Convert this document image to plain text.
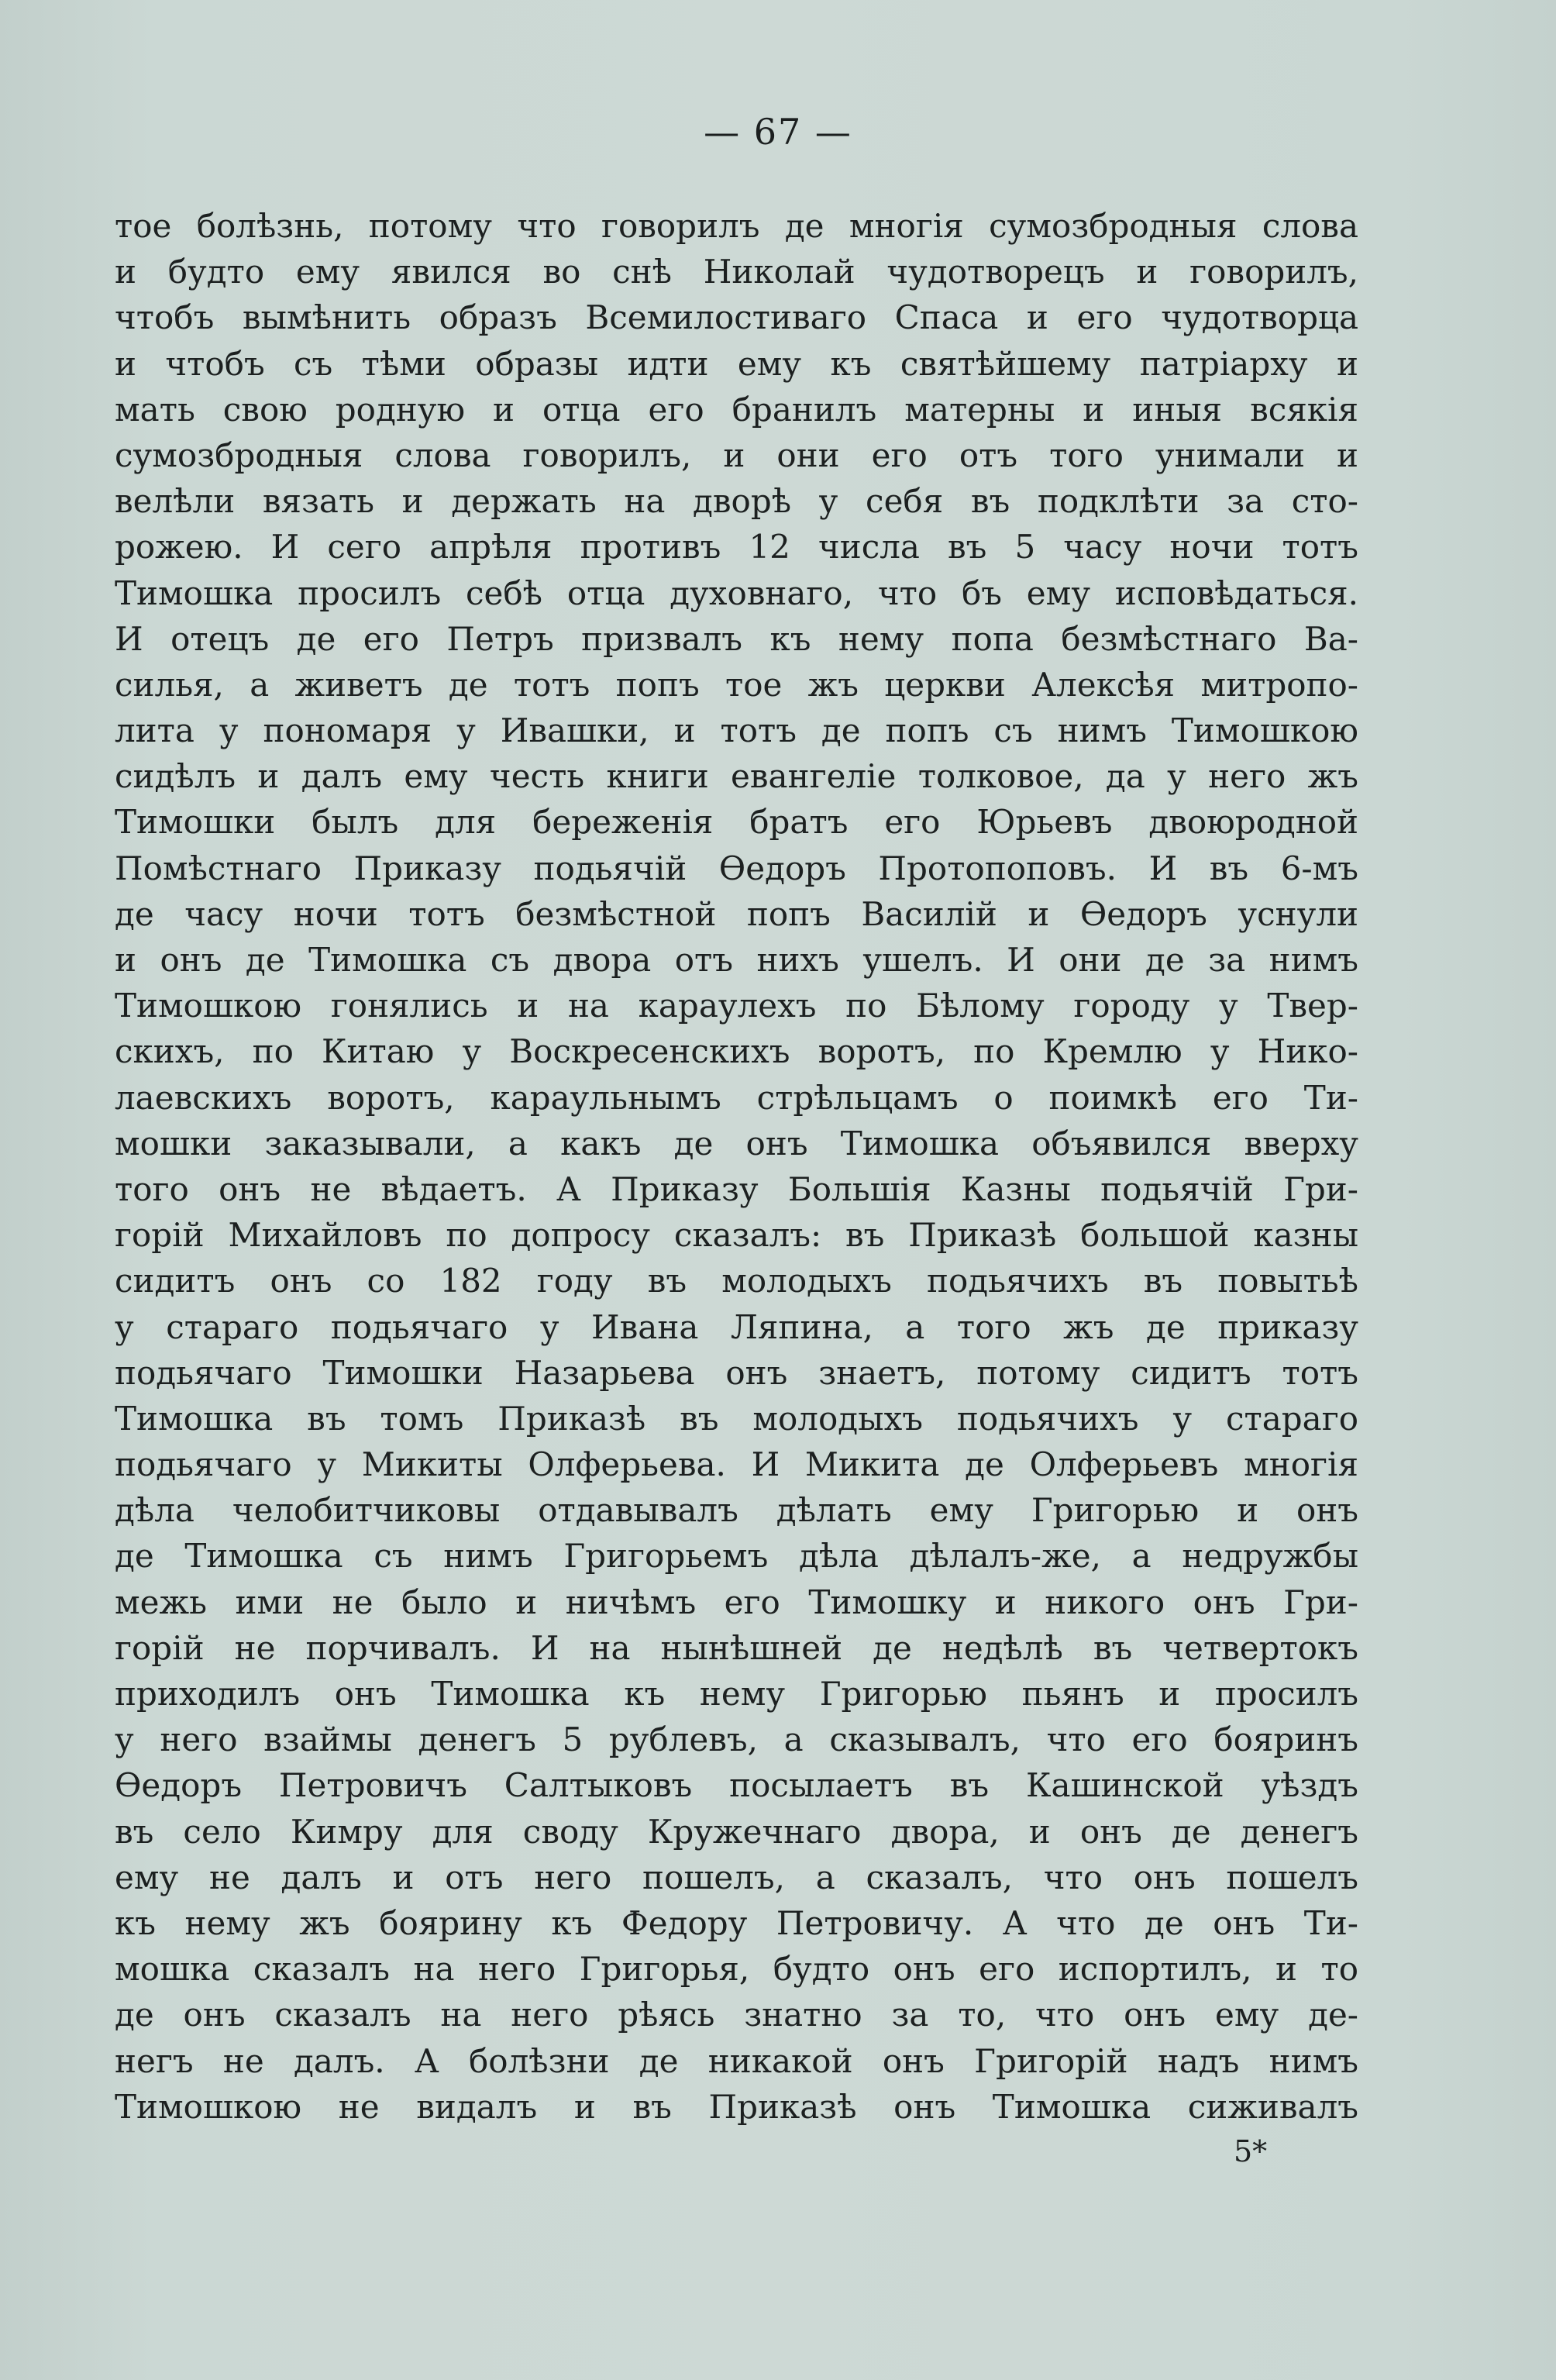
— 67 —
тое болѣзнь, потому что говорилъ де многія сумозбродныя слова
и будто ему явился во снѣ Николай чудотворецъ и говорилъ,
чтобъ вымѣнить образъ Всемилостиваго Спаса и его чудотворца
и чтобъ съ тѣми образы идти ему къ святѣйшему патріарху и
мать свою родную и отца его бранилъ матерны и иныя всякія
сумозбродныя слова говорилъ, и они его отъ того унимали и
велѣли вязать и держать на дворѣ у себя въ подклѣти за сто-
рожею. И сего апрѣля противъ 12 числа въ 5 часу ночи тотъ
Тимошка просилъ себѣ отца духовнаго, что бъ ему исповѣдаться.
И отецъ де его Петръ призвалъ къ нему попа безмѣстнаго Ва-
силья, а живетъ де тотъ попъ тое жъ церкви Алексѣя митропо-
лита у пономаря у Ивашки, и тотъ де попъ съ нимъ Тимошкою
сидѣлъ и далъ ему честь книги евангеліе толковое, да у него жъ
Тимошки былъ для береженія братъ его Юрьевъ двоюродной
Помѣстнаго Приказу подьячій Өедоръ Протопоповъ. И въ 6-мъ
де часу ночи тотъ безмѣстной попъ Василій и Өедоръ уснули
и онъ де Тимошка съ двора отъ нихъ ушелъ. И они де за нимъ
Тимошкою гонялись и на караулехъ по Бѣлому городу у Твер-
скихъ, по Китаю у Воскресенскихъ воротъ, по Кремлю у Нико-
лаевскихъ воротъ, караульнымъ стрѣльцамъ о поимкѣ его Ти-
мошки заказывали, а какъ де онъ Тимошка объявился вверху
того онъ не вѣдаетъ. А Приказу Большія Казны подьячій Гри-
горій Михайловъ по допросу сказалъ: въ Приказѣ большой казны
сидитъ онъ со 182 году въ молодыхъ подьячихъ въ повытьѣ
у стараго подьячаго у Ивана Ляпина, а того жъ де приказу
подьячаго Тимошки Назарьева онъ знаетъ, потому сидитъ тотъ
Тимошка въ томъ Приказѣ въ молодыхъ подьячихъ у стараго
подьячаго у Микиты Олферьева. И Микита де Олферьевъ многія
дѣла челобитчиковы отдавывалъ дѣлать ему Григорью и онъ
де Тимошка съ нимъ Григорьемъ дѣла дѣлалъ-же, а недружбы
межь ими не было и ничѣмъ его Тимошку и никого онъ Гри-
горій не порчивалъ. И на нынѣшней де недѣлѣ въ четвертокъ
приходилъ онъ Тимошка къ нему Григорью пьянъ и просилъ
у него взаймы денегъ 5 рублевъ, а сказывалъ, что его бояринъ
Өедоръ Петровичъ Салтыковъ посылаетъ въ Кашинской уѣздъ
въ село Кимру для своду Кружечнаго двора, и онъ де денегъ
ему не далъ и отъ него пошелъ, а сказалъ, что онъ пошелъ
къ нему жъ боярину къ Федору Петровичу. А что де онъ Ти-
мошка сказалъ на него Григорья, будто онъ его испортилъ, и то
де онъ сказалъ на него рѣясь знатно за то, что онъ ему де-
негъ не далъ. А болѣзни де никакой онъ Григорій надъ нимъ
Тимошкою не видалъ и въ Приказѣ онъ Тимошка сиживалъ
5*
